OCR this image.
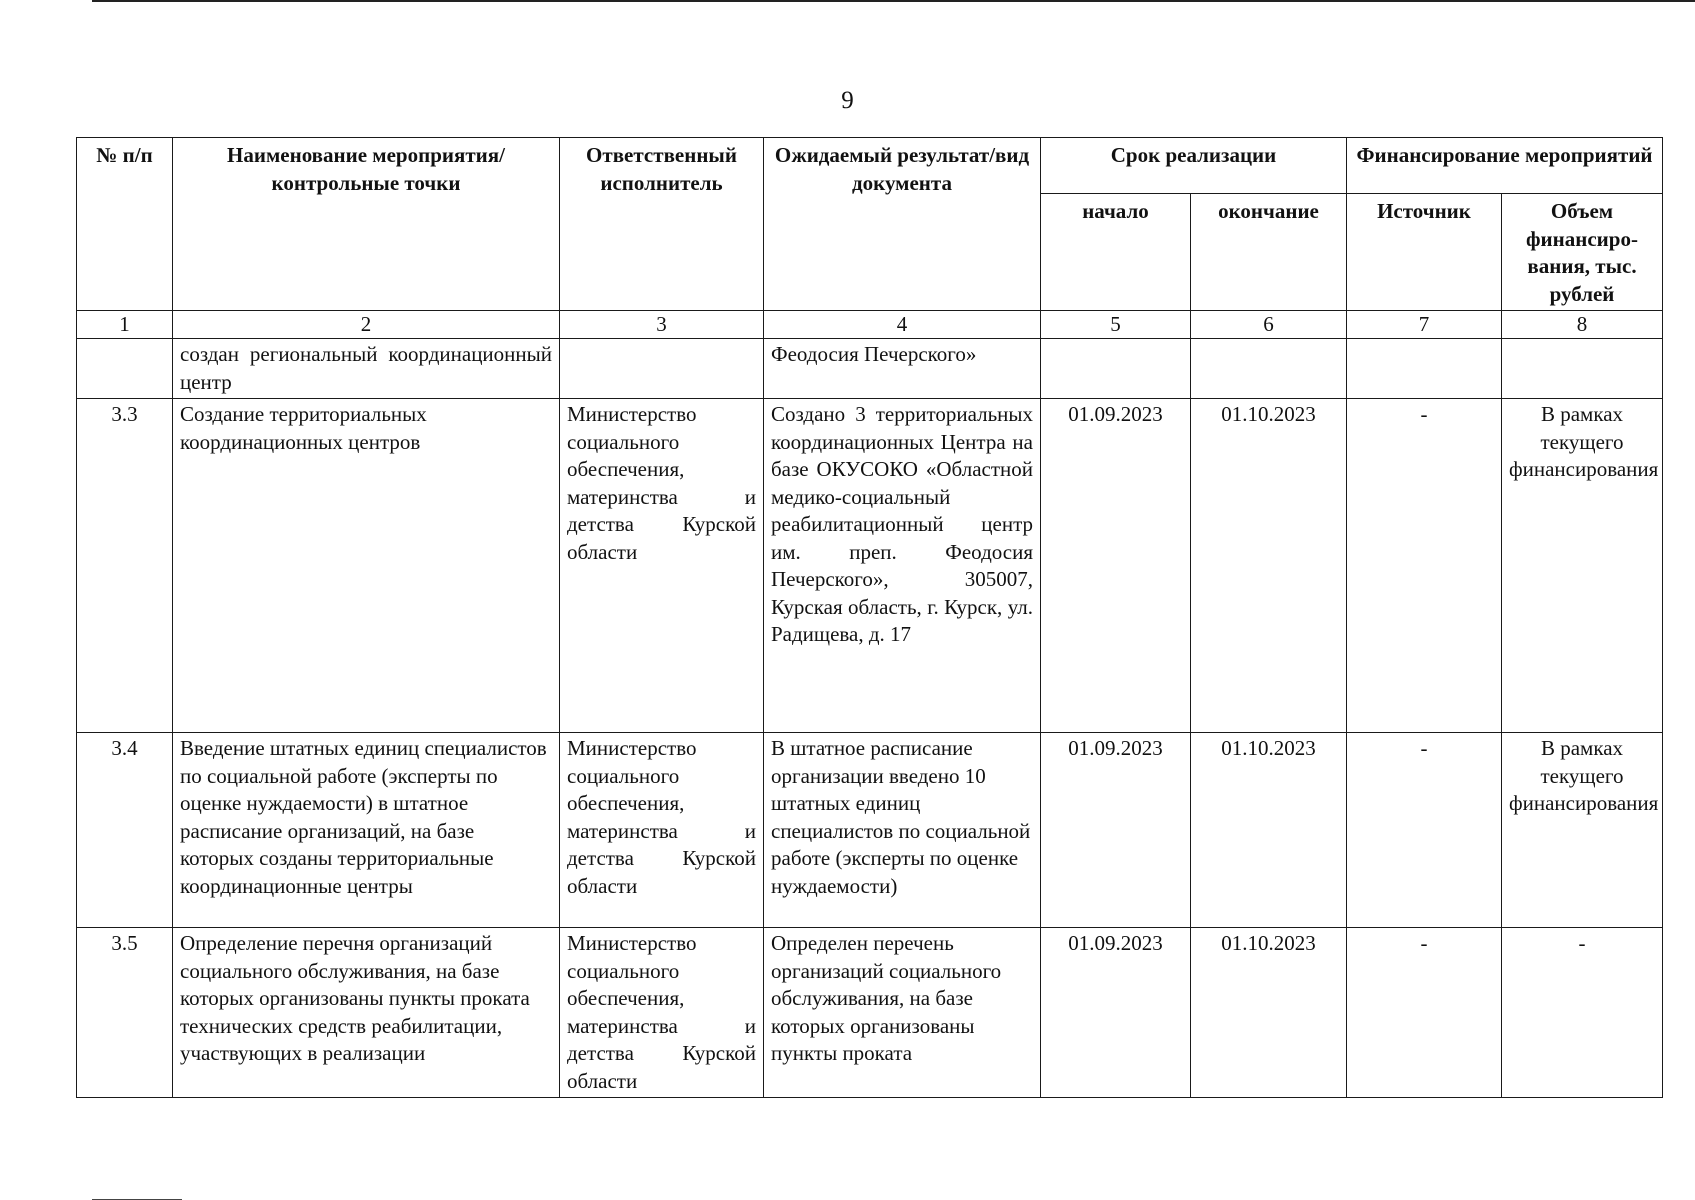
9
№ п/п	Наименование мероприятия/ контрольные точки	Ответственный исполнитель	Ожидаемый результат/вид документа	Срок реализации		Финансирование мероприятий	
				начало	окончание	Источник	Объем финансиро-вания, тыс. рублей
1	2	3	4	5	6	7	8
	создан региональный координационный центр		Феодосия Печерского»				
3.3	Создание территориальных координационных центров	Министерство социального обеспечения, материнства и детства Курской области	Создано 3 территориальных координационных Центра на базе ОКУСОКО «Областной медико-социальный реабилитационный центр им. преп. Феодосия Печерского», 305007, Курская область, г. Курск, ул. Радищева, д. 17	01.09.2023	01.10.2023	-	В рамках текущего финансирования
3.4	Введение штатных единиц специалистов по социальной работе (эксперты по оценке нуждаемости) в штатное расписание организаций, на базе которых созданы территориальные координационные центры	Министерство социального обеспечения, материнства и детства Курской области	В штатное расписание организации введено 10 штатных единиц специалистов по социальной работе (эксперты по оценке нуждаемости)	01.09.2023	01.10.2023	-	В рамках текущего финансирования
3.5	Определение перечня организаций социального обслуживания, на базе которых организованы пункты проката технических средств реабилитации, участвующих в реализации	Министерство социального обеспечения, материнства и детства Курской области	Определен перечень организаций социального обслуживания, на базе которых организованы пункты проката	01.09.2023	01.10.2023	-	-
